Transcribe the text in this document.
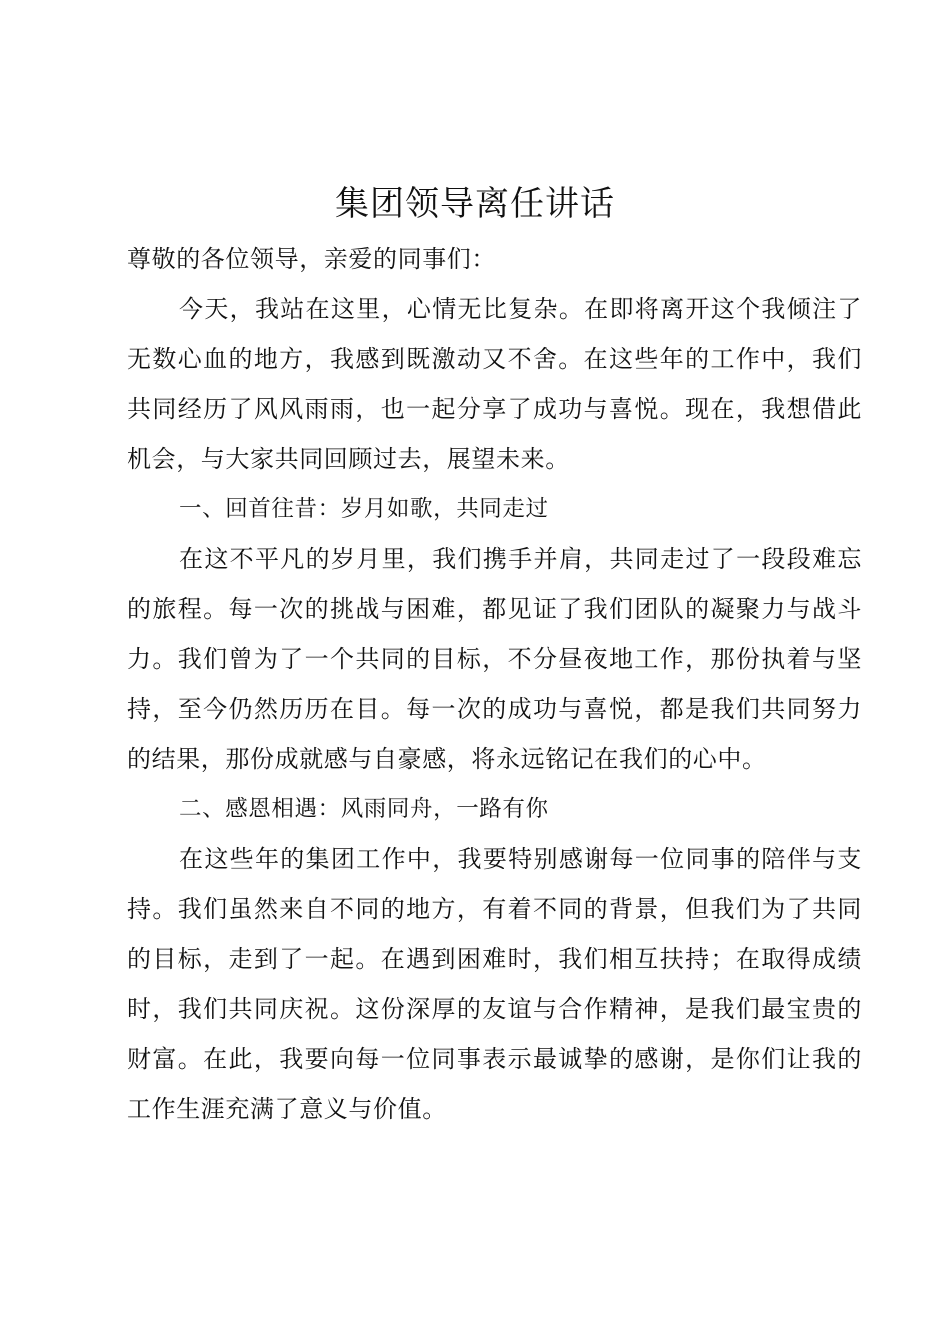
集团领导离任讲话

尊敬的各位领导，亲爱的同事们：

今天，我站在这里，心情无比复杂。在即将离开这个我倾注了无数心血的地方，我感到既激动又不舍。在这些年的工作中，我们共同经历了风风雨雨，也一起分享了成功与喜悦。现在，我想借此机会，与大家共同回顾过去，展望未来。

一、回首往昔：岁月如歌，共同走过

在这不平凡的岁月里，我们携手并肩，共同走过了一段段难忘的旅程。每一次的挑战与困难，都见证了我们团队的凝聚力与战斗力。我们曾为了一个共同的目标，不分昼夜地工作，那份执着与坚持，至今仍然历历在目。每一次的成功与喜悦，都是我们共同努力的结果，那份成就感与自豪感，将永远铭记在我们的心中。

二、感恩相遇：风雨同舟，一路有你

在这些年的集团工作中，我要特别感谢每一位同事的陪伴与支持。我们虽然来自不同的地方，有着不同的背景，但我们为了共同的目标，走到了一起。在遇到困难时，我们相互扶持；在取得成绩时，我们共同庆祝。这份深厚的友谊与合作精神，是我们最宝贵的财富。在此，我要向每一位同事表示最诚挚的感谢，是你们让我的工作生涯充满了意义与价值。
